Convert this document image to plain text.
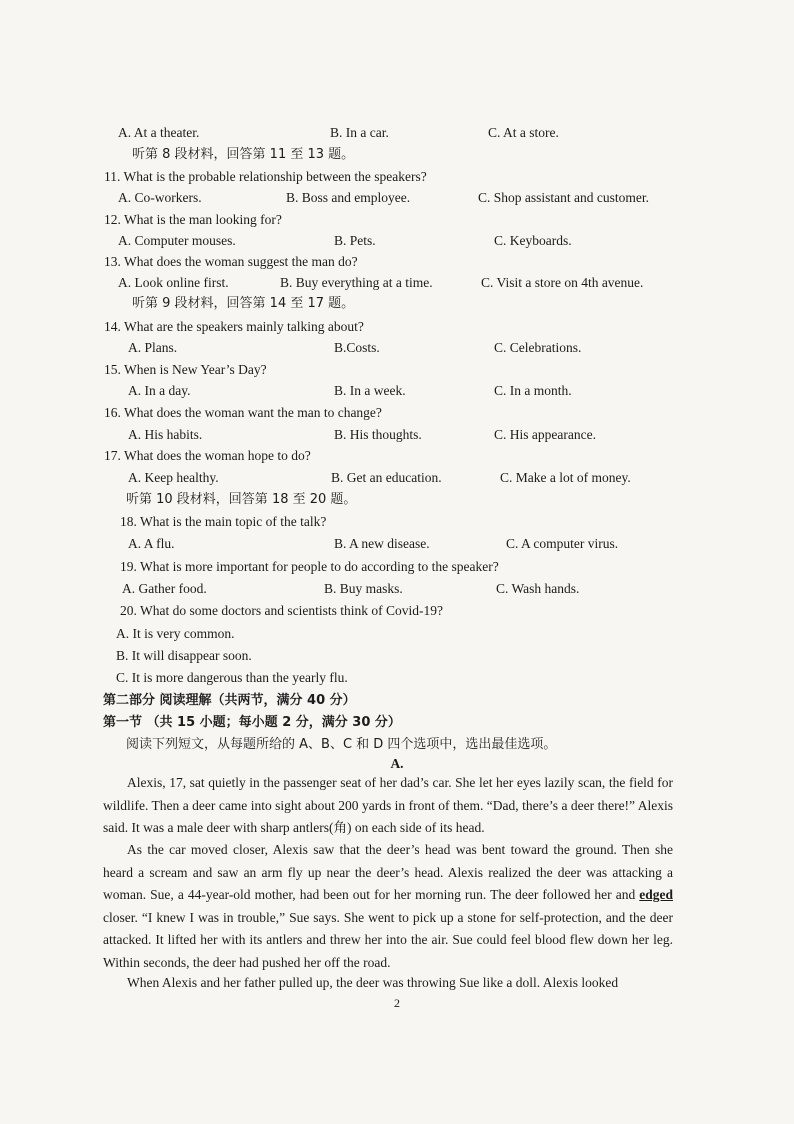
A. At a theater.	B. In a car.	C. At a store.
听第 8 段材料，回答第 11 至 13 题。
11. What is the probable relationship between the speakers?
A. Co-workers.	B. Boss and employee.	C. Shop assistant and customer.
12. What is the man looking for?
A. Computer mouses.	B. Pets.	C. Keyboards.
13. What does the woman suggest the man do?
A. Look online first.	B. Buy everything at a time.	C. Visit a store on 4th avenue.
听第 9 段材料，回答第 14 至 17 题。
14. What are the speakers mainly talking about?
A. Plans.	B.Costs.	C. Celebrations.
15. When is New Year’s Day?
A. In a day.	B. In a week.	C. In a month.
16. What does the woman want the man to change?
A. His habits.	B. His thoughts.	C. His appearance.
17. What does the woman hope to do?
A. Keep healthy.	B. Get an education.	C. Make a lot of money.
听第 10 段材料，回答第 18 至 20 题。
18. What is the main topic of the talk?
A. A flu.	B. A new disease.	C. A computer virus.
19. What is more important for people to do according to the speaker?
A. Gather food.	B. Buy masks.	C. Wash hands.
20. What do some doctors and scientists think of Covid-19?
A. It is very common.
B. It will disappear soon.
C. It is more dangerous than the yearly flu.
第二部分 阅读理解（共两节，满分 40 分）
第一节 （共 15 小题；每小题 2 分，满分 30 分）
阅读下列短文，从每题所给的 A、B、C 和 D 四个选项中，选出最佳选项。
A.

Alexis, 17, sat quietly in the passenger seat of her dad’s car. She let her eyes lazily scan, the field for wildlife. Then a deer came into sight about 200 yards in front of them. “Dad, there’s a deer there!” Alexis said. It was a male deer with sharp antlers(角) on each side of its head.

As the car moved closer, Alexis saw that the deer’s head was bent toward the ground. Then she heard a scream and saw an arm fly up near the deer’s head. Alexis realized the deer was attacking a woman. Sue, a 44-year-old mother, had been out for her morning run. The deer followed her and edged closer. “I knew I was in trouble,” Sue says. She went to pick up a stone for self-protection, and the deer attacked. It lifted her with its antlers and threw her into the air. Sue could feel blood flew down her leg. Within seconds, the deer had pushed her off the road.

When Alexis and her father pulled up, the deer was throwing Sue like a doll. Alexis looked

2
